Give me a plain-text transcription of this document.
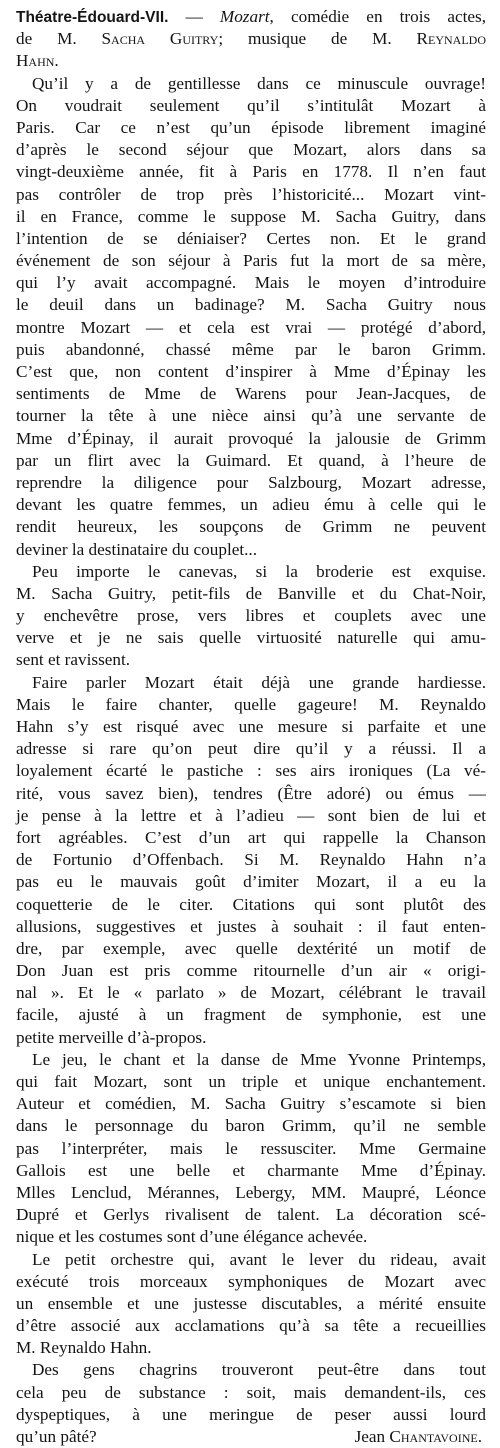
Théatre-Édouard-VII. — Mozart, comédie en trois actes,
de M. Sacha Guitry; musique de M. Reynaldo
Hahn.
Qu’il y a de gentillesse dans ce minuscule ouvrage!
On voudrait seulement qu’il s’intitulât Mozart à
Paris. Car ce n’est qu’un épisode librement imaginé
d’après le second séjour que Mozart, alors dans sa
vingt-deuxième année, fit à Paris en 1778. Il n’en faut
pas contrôler de trop près l’historicité... Mozart vint-
il en France, comme le suppose M. Sacha Guitry, dans
l’intention de se déniaiser? Certes non. Et le grand
événement de son séjour à Paris fut la mort de sa mère,
qui l’y avait accompagné. Mais le moyen d’introduire
le deuil dans un badinage? M. Sacha Guitry nous
montre Mozart — et cela est vrai — protégé d’abord,
puis abandonné, chassé même par le baron Grimm.
C’est que, non content d’inspirer à Mme d’Épinay les
sentiments de Mme de Warens pour Jean-Jacques, de
tourner la tête à une nièce ainsi qu’à une servante de
Mme d’Épinay, il aurait provoqué la jalousie de Grimm
par un flirt avec la Guimard. Et quand, à l’heure de
reprendre la diligence pour Salzbourg, Mozart adresse,
devant les quatre femmes, un adieu ému à celle qui le
rendit heureux, les soupçons de Grimm ne peuvent
deviner la destinataire du couplet...
Peu importe le canevas, si la broderie est exquise.
M. Sacha Guitry, petit-fils de Banville et du Chat-Noir,
y enchevêtre prose, vers libres et couplets avec une
verve et je ne sais quelle virtuosité naturelle qui amu-
sent et ravissent.
Faire parler Mozart était déjà une grande hardiesse.
Mais le faire chanter, quelle gageure! M. Reynaldo
Hahn s’y est risqué avec une mesure si parfaite et une
adresse si rare qu’on peut dire qu’il y a réussi. Il a
loyalement écarté le pastiche : ses airs ironiques (La vé-
rité, vous savez bien), tendres (Être adoré) ou émus —
je pense à la lettre et à l’adieu — sont bien de lui et
fort agréables. C’est d’un art qui rappelle la Chanson
de Fortunio d’Offenbach. Si M. Reynaldo Hahn n’a
pas eu le mauvais goût d’imiter Mozart, il a eu la
coquetterie de le citer. Citations qui sont plutôt des
allusions, suggestives et justes à souhait : il faut enten-
dre, par exemple, avec quelle dextérité un motif de
Don Juan est pris comme ritournelle d’un air « origi-
nal ». Et le « parlato » de Mozart, célébrant le travail
facile, ajusté à un fragment de symphonie, est une
petite merveille d’à-propos.
Le jeu, le chant et la danse de Mme Yvonne Printemps,
qui fait Mozart, sont un triple et unique enchantement.
Auteur et comédien, M. Sacha Guitry s’escamote si bien
dans le personnage du baron Grimm, qu’il ne semble
pas l’interpréter, mais le ressusciter. Mme Germaine
Gallois est une belle et charmante Mme d’Épinay.
Mlles Lenclud, Mérannes, Lebergy, MM. Maupré, Léonce
Dupré et Gerlys rivalisent de talent. La décoration scé-
nique et les costumes sont d’une élégance achevée.
Le petit orchestre qui, avant le lever du rideau, avait
exécuté trois morceaux symphoniques de Mozart avec
un ensemble et une justesse discutables, a mérité ensuite
d’être associé aux acclamations qu’à sa tête a recueillies
M. Reynaldo Hahn.
Des gens chagrins trouveront peut-être dans tout
cela peu de substance : soit, mais demandent-ils, ces
dyspeptiques, à une meringue de peser aussi lourd
qu’un pâté?	Jean Chantavoine.
